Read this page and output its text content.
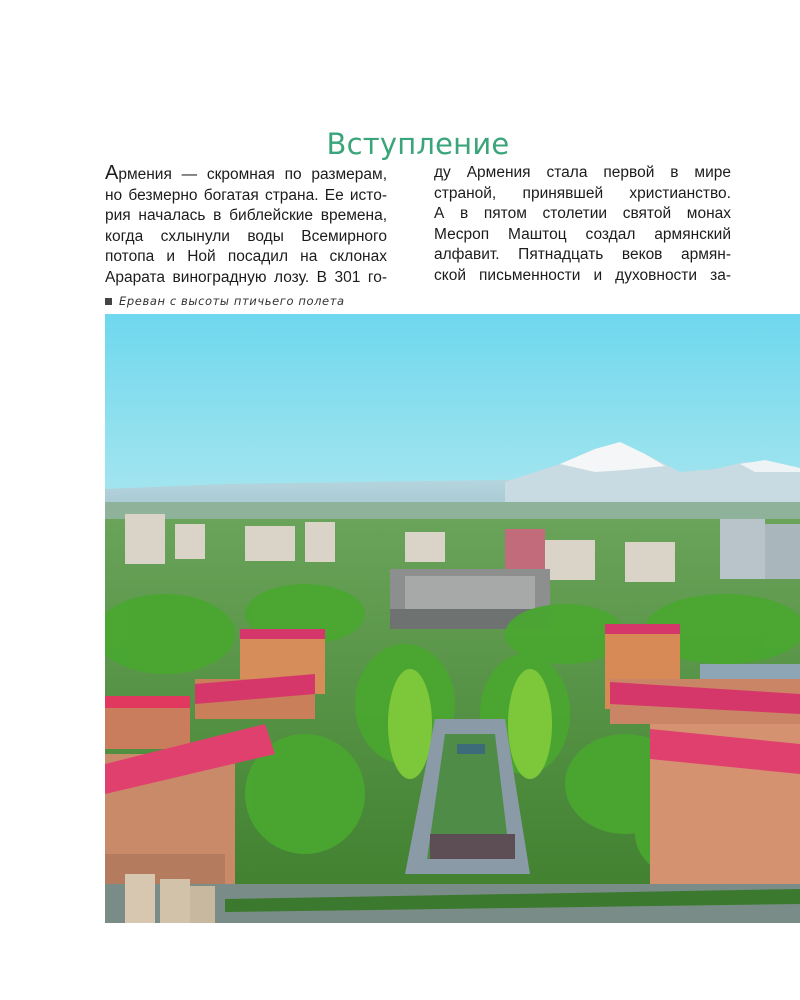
Вступление
Армения — скромная по размерам,
но безмерно богатая страна. Ее исто-
рия началась в библейские времена,
когда схлынули воды Всемирного
потопа и Ной посадил на склонах
Арарата виноградную лозу. В 301 го-
ду Армения стала первой в мире
страной, принявшей христианство.
А в пятом столетии святой монах
Месроп Маштоц создал армянский
алфавит. Пятнадцать веков армян-
ской письменности и духовности за-
Ереван с высоты птичьего полета
